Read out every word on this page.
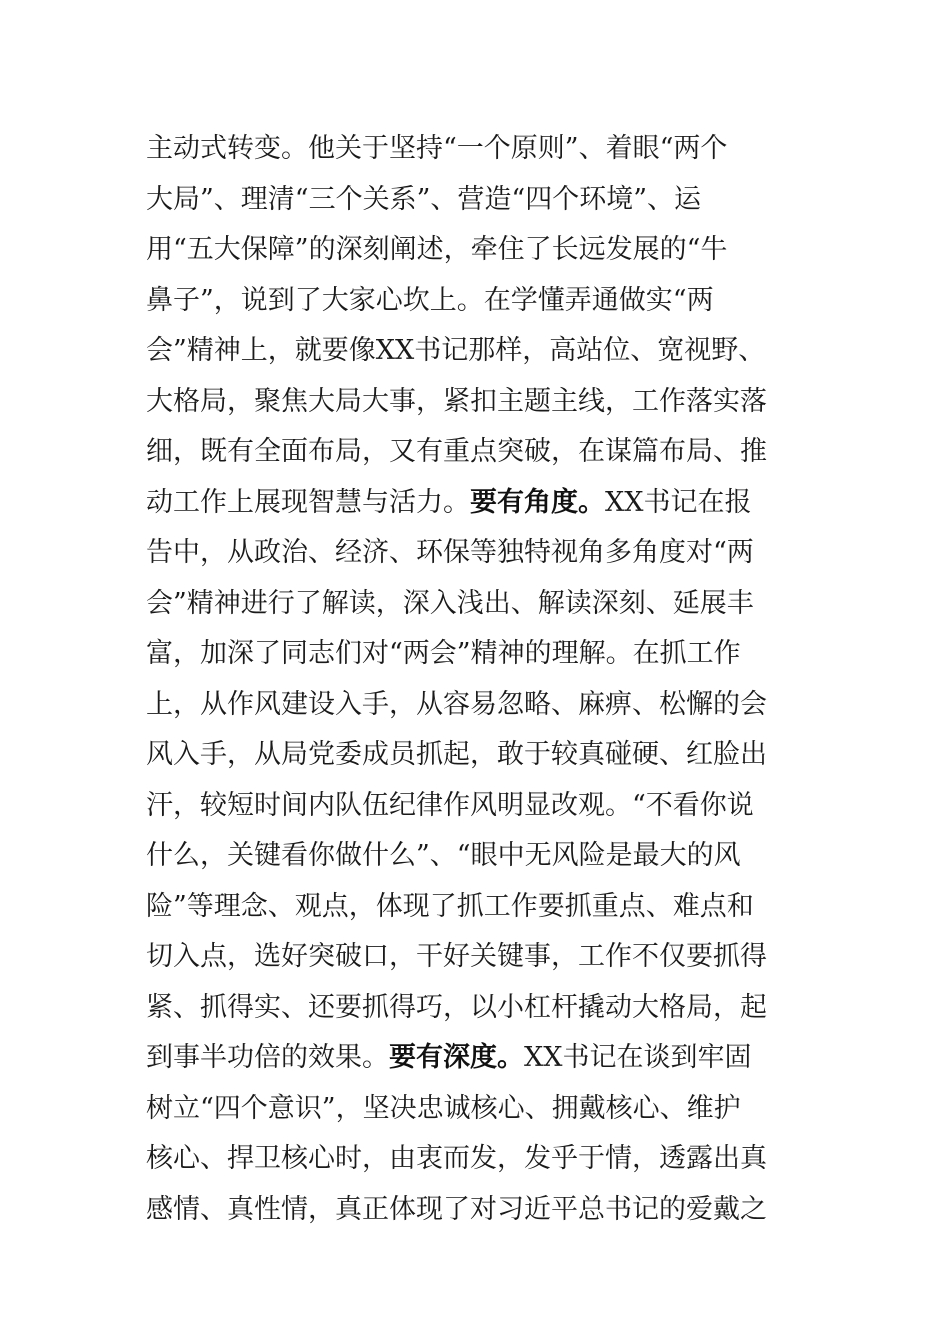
主动式转变。他关于坚持“一个原则”、着眼“两个
大局”、理清“三个关系”、营造“四个环境”、运
用“五大保障”的深刻阐述，牵住了长远发展的“牛
鼻子”，说到了大家心坎上。在学懂弄通做实“两
会”精神上，就要像XX书记那样，高站位、宽视野、
大格局，聚焦大局大事，紧扣主题主线，工作落实落
细，既有全面布局，又有重点突破，在谋篇布局、推
动工作上展现智慧与活力。要有角度。XX书记在报
告中，从政治、经济、环保等独特视角多角度对“两
会”精神进行了解读，深入浅出、解读深刻、延展丰
富，加深了同志们对“两会”精神的理解。在抓工作
上，从作风建设入手，从容易忽略、麻痹、松懈的会
风入手，从局党委成员抓起，敢于较真碰硬、红脸出
汗，较短时间内队伍纪律作风明显改观。“不看你说
什么，关键看你做什么”、“眼中无风险是最大的风
险”等理念、观点，体现了抓工作要抓重点、难点和
切入点，选好突破口，干好关键事，工作不仅要抓得
紧、抓得实、还要抓得巧，以小杠杆撬动大格局，起
到事半功倍的效果。要有深度。XX书记在谈到牢固
树立“四个意识”，坚决忠诚核心、拥戴核心、维护
核心、捍卫核心时，由衷而发，发乎于情，透露出真
感情、真性情，真正体现了对习近平总书记的爱戴之
